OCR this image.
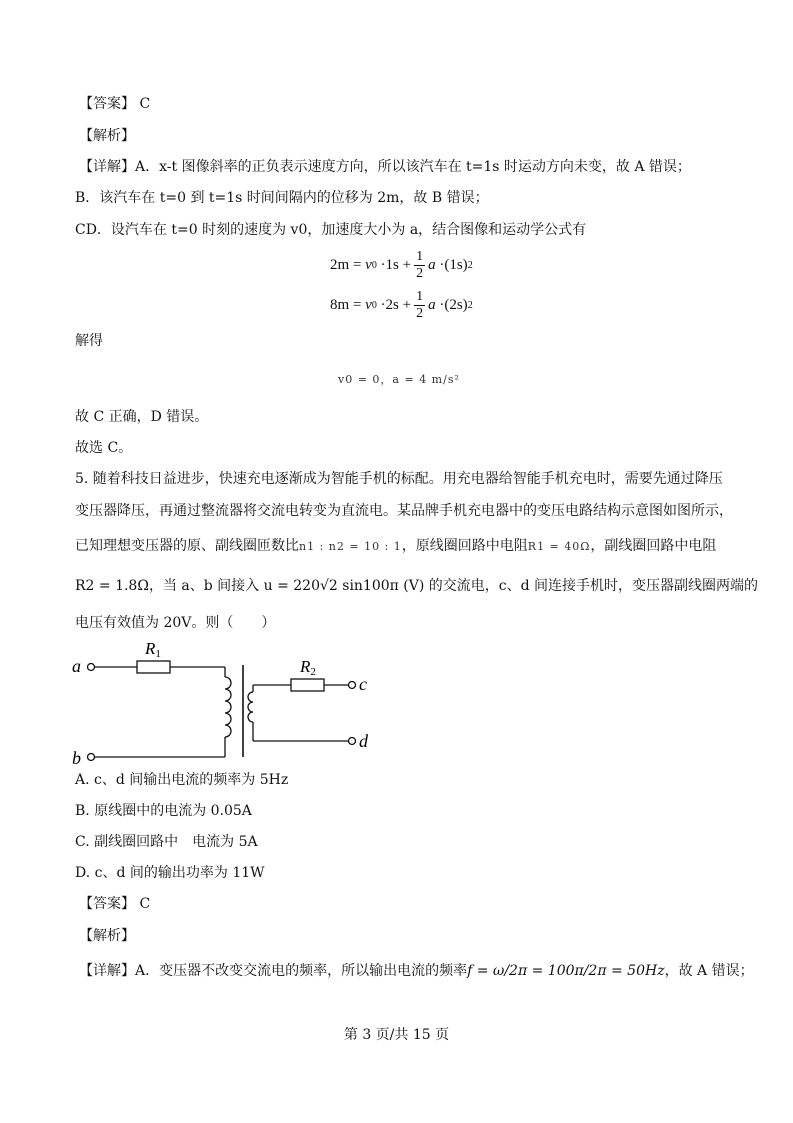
【答案】 C
【解析】
【详解】A．x-t 图像斜率的正负表示速度方向，所以该汽车在 t=1s 时运动方向未变，故 A 错误；
B．该汽车在 t=0 到 t=1s 时间间隔内的位移为 2m，故 B 错误；
CD．设汽车在 t=0 时刻的速度为 v0，加速度大小为 a，结合图像和运动学公式有
2m = v $0 \cdot 1s + \frac{1}{2}$ a ·(1s) 2
8m = v $0 \cdot 2s + \frac{1}{2}$ a ·(2s) 2
解得
v0 = 0，a = 4 m/s²
故 C 正确，D 错误。
故选 C。
5. 随着科技日益进步，快速充电逐渐成为智能手机的标配。用充电器给智能手机充电时，需要先通过降压
变压器降压，再通过整流器将交流电转变为直流电。某品牌手机充电器中的变压电路结构示意图如图所示，
已知理想变压器的原、副线圈匝数比n1 : n2 = 10 : 1，原线圈回路中电阻R1 = 40Ω，副线圈回路中电阻
R2 = 1.8Ω，当 a、b 间接入 u = 220√2 sin100π (V) 的交流电，c、d 间连接手机时，变压器副线圈两端的
电压有效值为 20V。则（　　）
a
R1
b
R2
c
d
A. c、d 间输出电流的频率为 5Hz
B. 原线圈中的电流为 0.05A
C. 副线圈回路中　电流为 5A
D. c、d 间的输出功率为 11W
【答案】 C
【解析】
【详解】A．变压器不改变交流电的频率，所以输出电流的频率f = ω/2π = 100π/2π = 50Hz，故 A 错误；
第 3 页/共 15 页
